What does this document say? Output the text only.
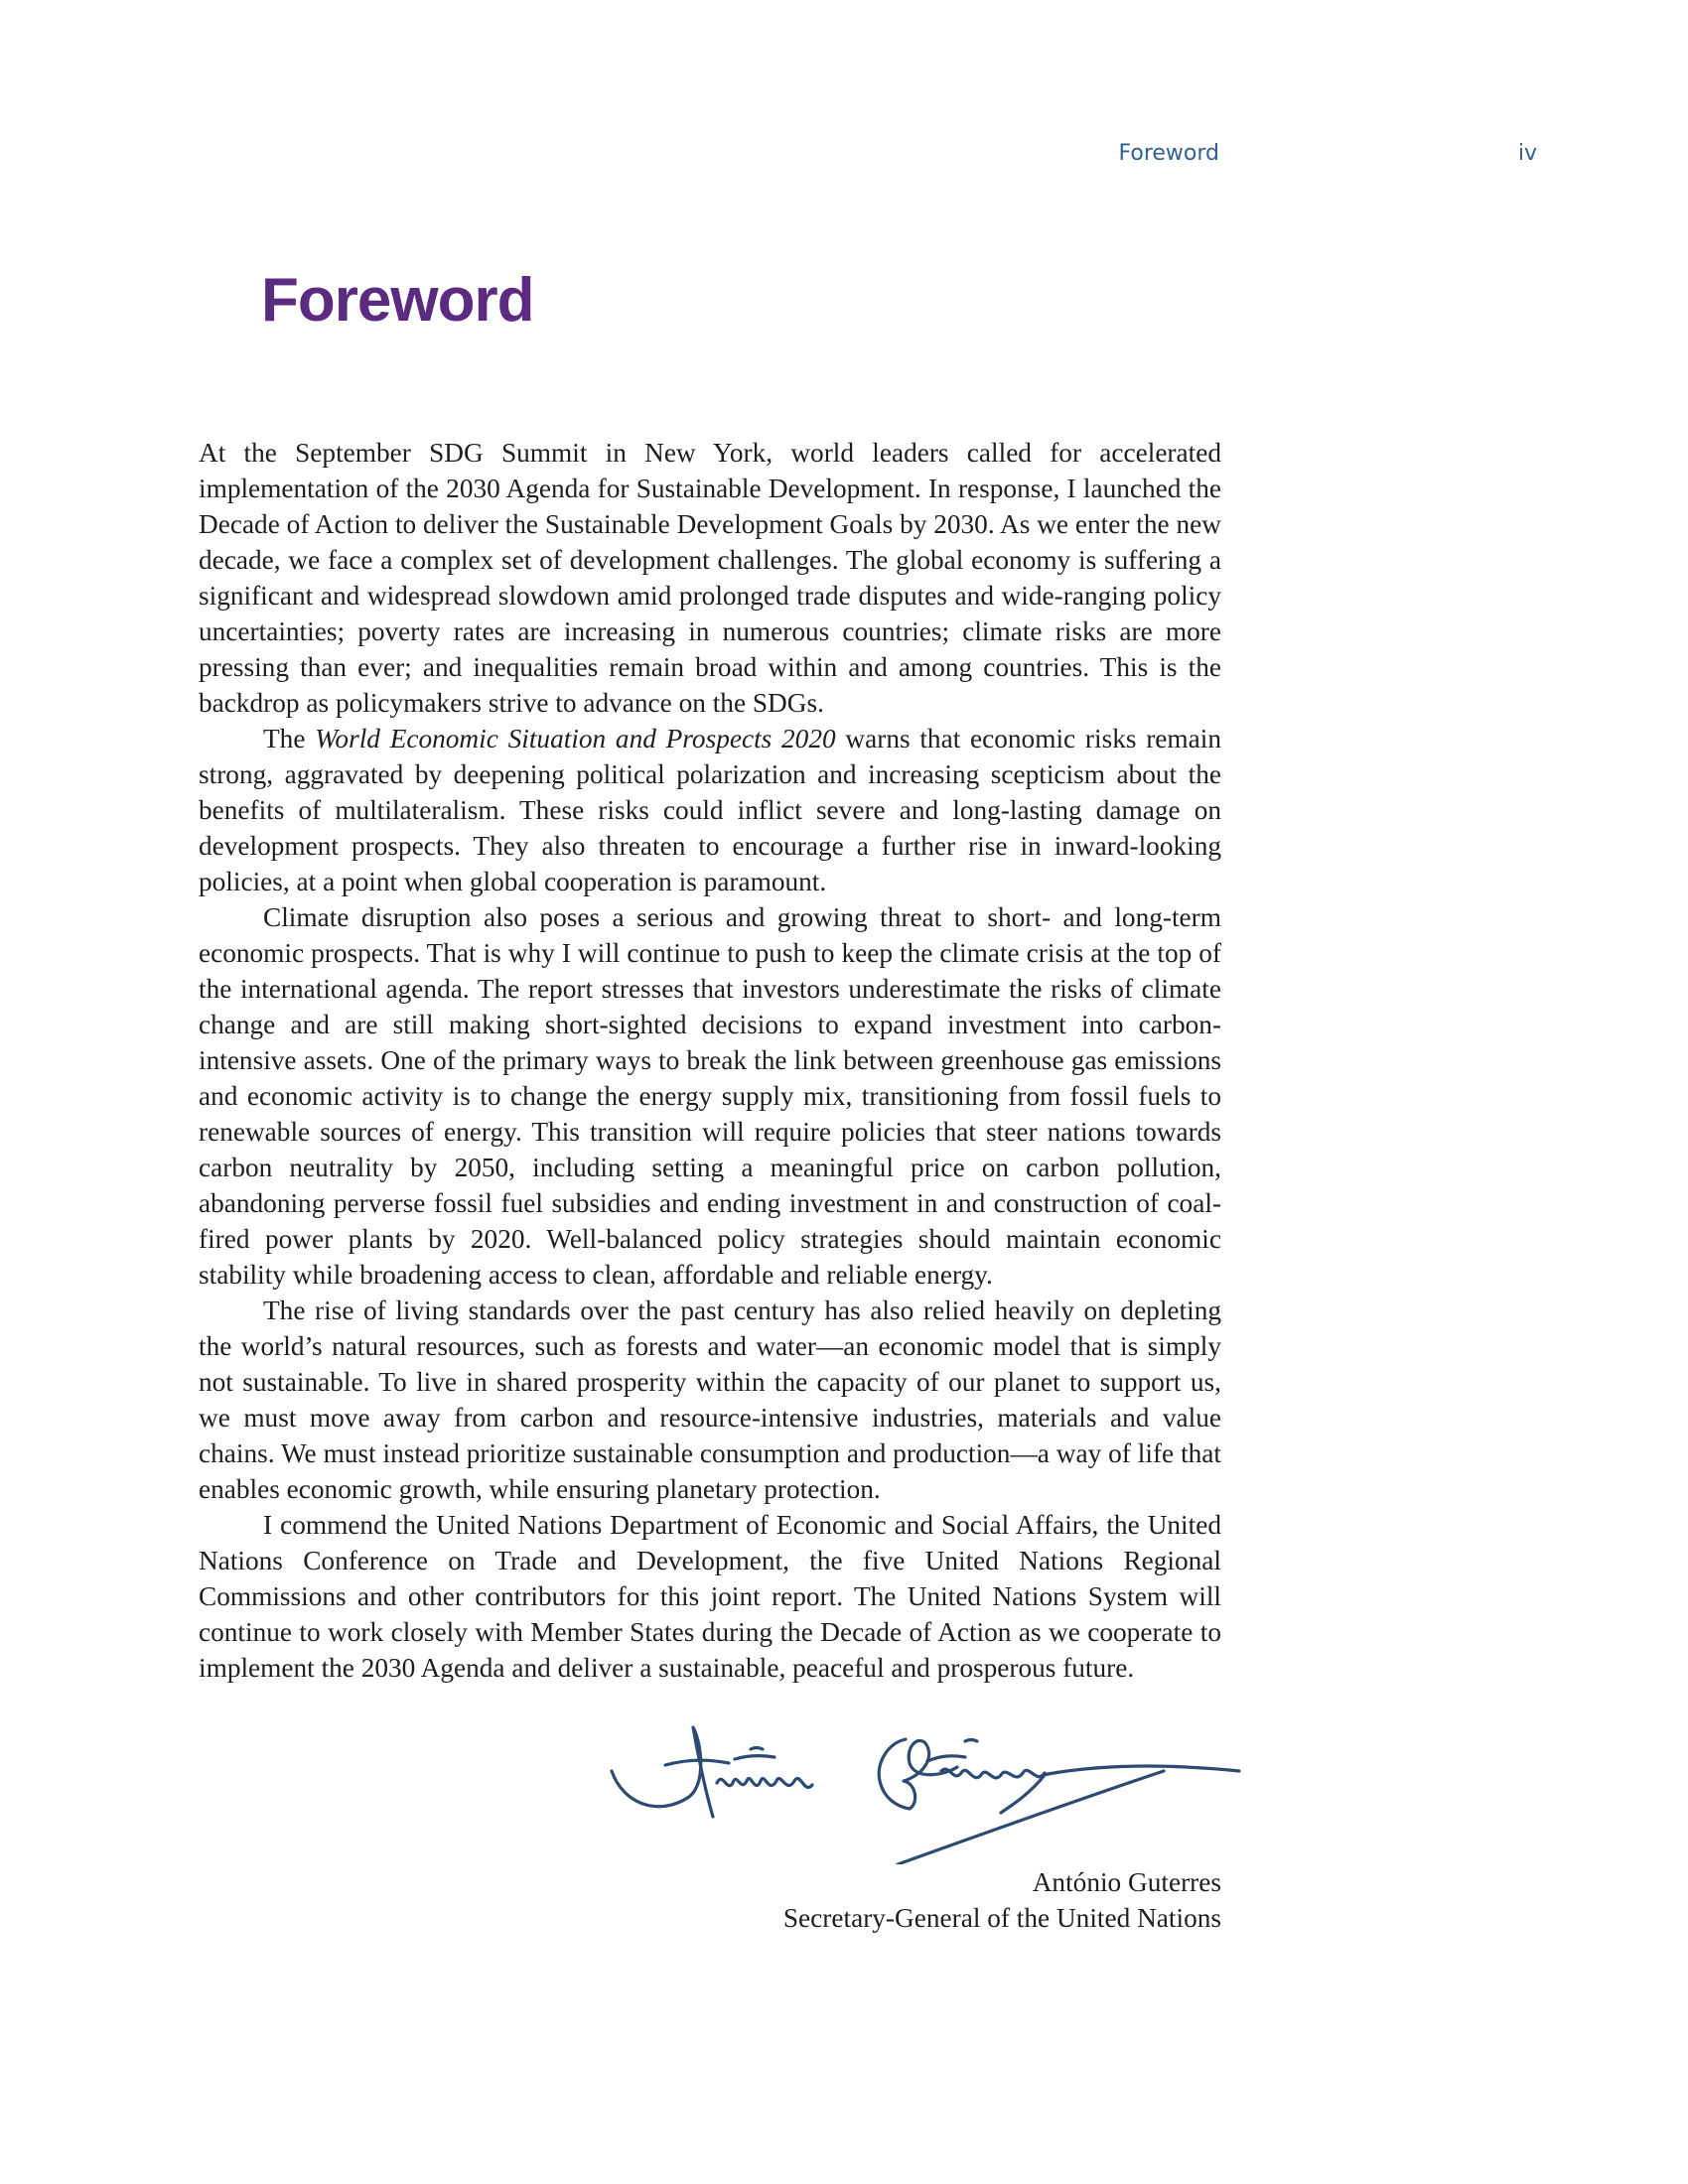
Foreword	iv
Foreword

At the September SDG Summit in New York, world leaders called for accelerated implementation of the 2030 Agenda for Sustainable Development. In response, I launched the Decade of Action to deliver the Sustainable Development Goals by 2030. As we enter the new decade, we face a complex set of development challenges. The global economy is suffering a significant and widespread slowdown amid prolonged trade disputes and wide-ranging policy uncertainties; poverty rates are increasing in numerous countries; climate risks are more pressing than ever; and inequalities remain broad within and among countries. This is the backdrop as policymakers strive to advance on the SDGs.

The World Economic Situation and Prospects 2020 warns that economic risks remain strong, aggravated by deepening political polarization and increasing scepticism about the benefits of multilateralism. These risks could inflict severe and long-lasting damage on development prospects. They also threaten to encourage a further rise in inward-looking policies, at a point when global cooperation is paramount.

Climate disruption also poses a serious and growing threat to short- and long-term economic prospects. That is why I will continue to push to keep the climate crisis at the top of the international agenda. The report stresses that investors underestimate the risks of climate change and are still making short-sighted decisions to expand investment into carbon-intensive assets. One of the primary ways to break the link between greenhouse gas emissions and economic activity is to change the energy supply mix, transitioning from fossil fuels to renewable sources of energy. This transition will require policies that steer nations towards carbon neutrality by 2050, including setting a meaningful price on carbon pollution, abandoning perverse fossil fuel subsidies and ending investment in and construction of coal-fired power plants by 2020. Well-balanced policy strategies should maintain economic stability while broadening access to clean, affordable and reliable energy.

The rise of living standards over the past century has also relied heavily on depleting the world’s natural resources, such as forests and water—an economic model that is simply not sustainable. To live in shared prosperity within the capacity of our planet to support us, we must move away from carbon and resource-intensive industries, materials and value chains. We must instead prioritize sustainable consumption and production—a way of life that enables economic growth, while ensuring planetary protection.

I commend the United Nations Department of Economic and Social Affairs, the United Nations Conference on Trade and Development, the five United Nations Regional Commissions and other contributors for this joint report. The United Nations System will continue to work closely with Member States during the Decade of Action as we cooperate to implement the 2030 Agenda and deliver a sustainable, peaceful and prosperous future.

António Guterres
Secretary-General of the United Nations
